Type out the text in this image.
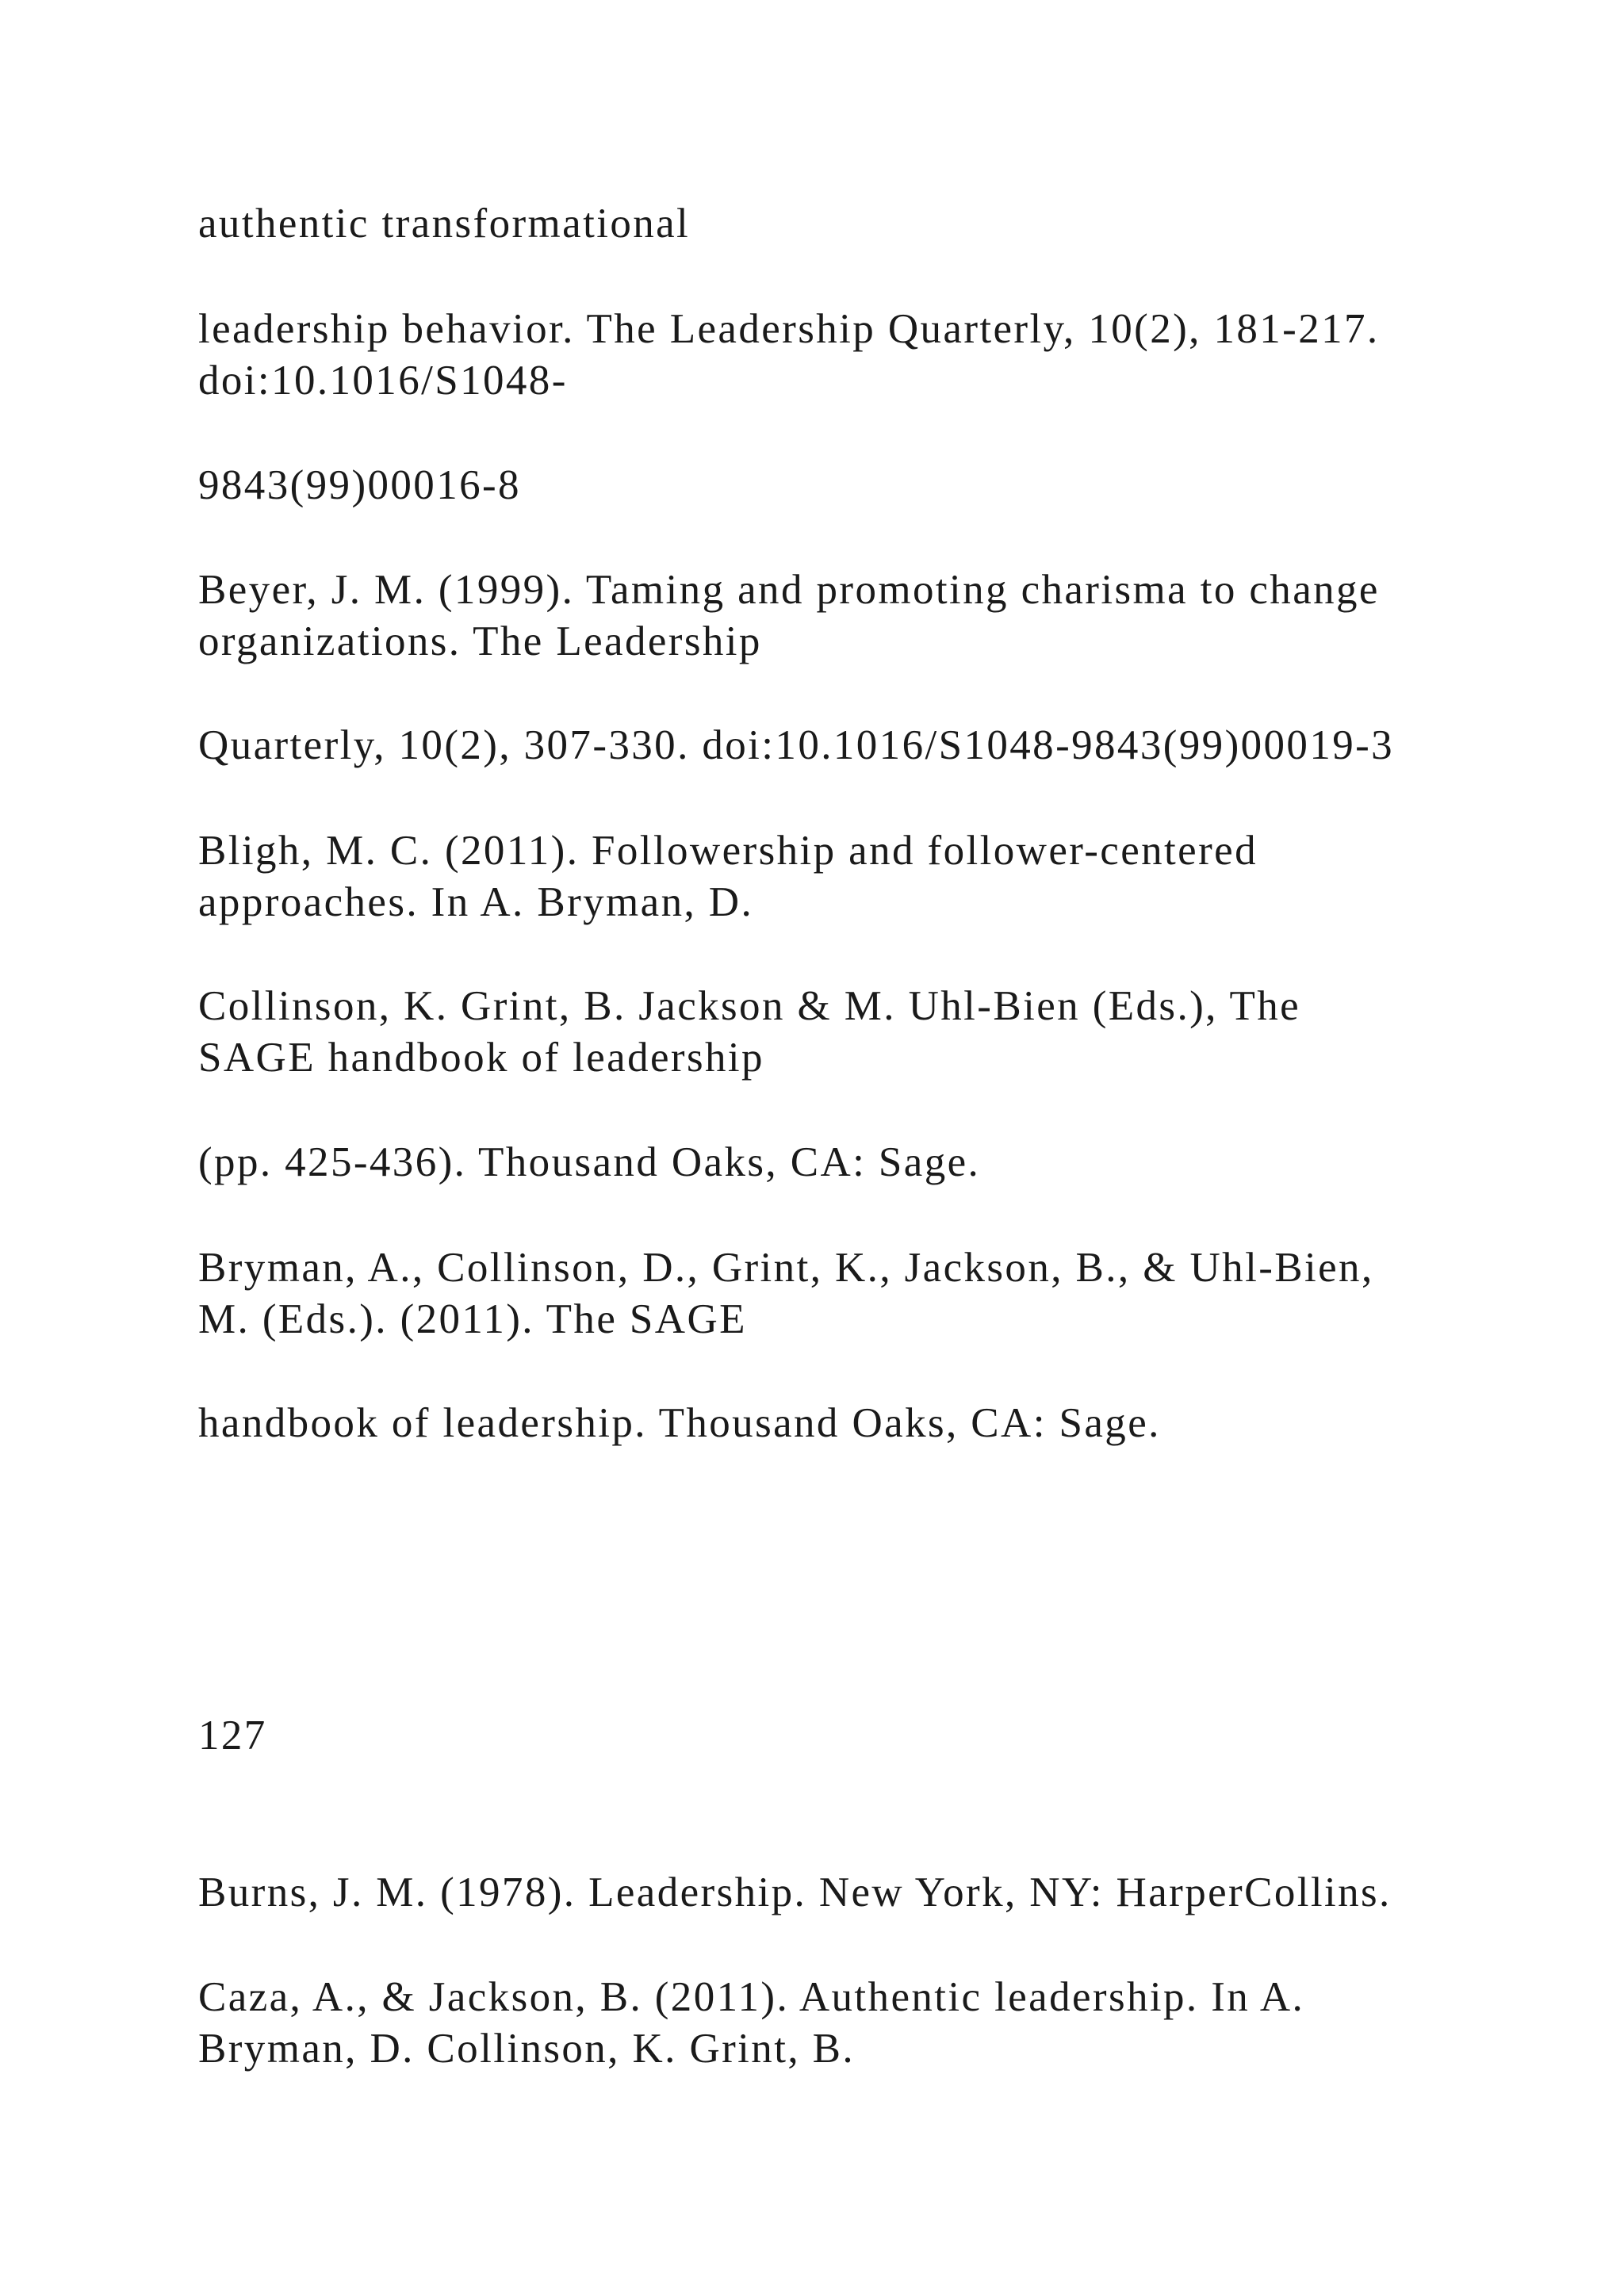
authentic transformational

leadership behavior. The Leadership Quarterly, 10(2), 181-217.

doi:10.1016/S1048-

9843(99)00016-8

Beyer, J. M. (1999). Taming and promoting charisma to change

organizations. The Leadership

Quarterly, 10(2), 307-330. doi:10.1016/S1048-9843(99)00019-3

Bligh, M. C. (2011). Followership and follower-centered

approaches. In A. Bryman, D.

Collinson, K. Grint, B. Jackson & M. Uhl-Bien (Eds.), The

SAGE handbook of leadership

(pp. 425-436). Thousand Oaks, CA: Sage.

Bryman, A., Collinson, D., Grint, K., Jackson, B., & Uhl-Bien,

M. (Eds.). (2011). The SAGE

handbook of leadership. Thousand Oaks, CA: Sage.

127

Burns, J. M. (1978). Leadership. New York, NY: HarperCollins.

Caza, A., & Jackson, B. (2011). Authentic leadership. In A.

Bryman, D. Collinson, K. Grint, B.
